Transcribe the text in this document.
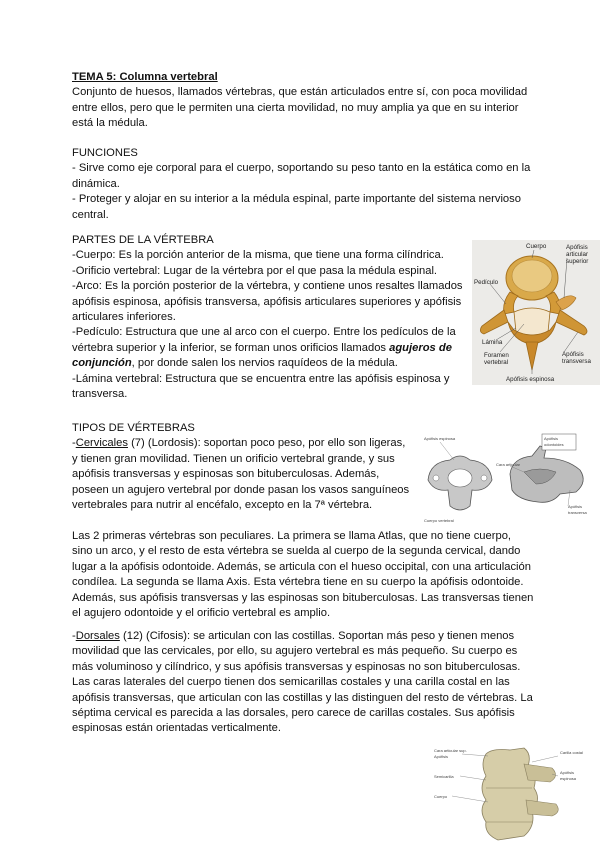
TEMA 5: Columna vertebral

Conjunto de huesos, llamados vértebras, que están articulados entre sí, con poca movilidad entre ellos, pero que le permiten una cierta movilidad, no muy amplia ya que en su interior está la médula.

FUNCIONES

- Sirve como eje corporal para el cuerpo, soportando su peso tanto en la estática como en la dinámica.

- Proteger y alojar en su interior a la médula espinal, parte importante del sistema nervioso central.

PARTES DE LA VÉRTEBRA

-Cuerpo: Es la porción anterior de la misma, que tiene una forma cilíndrica.

-Orificio vertebral: Lugar de la vértebra por el que pasa la médula espinal.

-Arco: Es la porción posterior de la vértebra, y contiene unos resaltes llamados apófisis espinosa, apófisis transversa, apófisis articulares superiores y apófisis articulares inferiores.

-Pedículo: Estructura que une al arco con el cuerpo. Entre los pedículos de la vértebra superior y la inferior, se forman unos orificios llamados agujeros de conjunción, por donde salen los nervios raquídeos de la médula.

-Lámina vertebral: Estructura que se encuentra entre las apófisis espinosa y transversa.

Cuerpo	Apófisis
articular
superior
Pedículo
Lámina
Foramen
vertebral
Apófisis
transversa
Apófisis espinosa

TIPOS DE VÉRTEBRAS

-Cervicales (7) (Lordosis): soportan poco peso, por ello son ligeras, y tienen gran movilidad. Tienen un orificio vertebral grande, y sus apófisis transversas y espinosas son bituberculosas. Además, poseen un agujero vertebral por donde pasan los vasos sanguíneos vertebrales para nutrir al encéfalo, excepto en la 7ª vértebra.

Las 2 primeras vértebras son peculiares. La primera se llama Atlas, que no tiene cuerpo, sino un arco, y el resto de esta vértebra se suelda al cuerpo de la segunda cervical, dando lugar a la apófisis odontoide. Además, se articula con el hueso occipital, con una articulación condílea. La segunda se llama Axis. Esta vértebra tiene en su cuerpo la apófisis odontoide. Además, sus apófisis transversas y las espinosas son bituberculosas. Las transversas tienen el agujero odontoide y el orificio vertebral es amplio.

Apófisis
odontoides
Apófisis espinosa
Cara articular
Cuerpo vertebral
Apófisis
transversa

-Dorsales (12) (Cifosis): se articulan con las costillas. Soportan más peso y tienen menos movilidad que las cervicales, por ello, su agujero vertebral es más pequeño. Su cuerpo es más voluminoso y cilíndrico, y sus apófisis transversas y espinosas no son bituberculosas. Las caras laterales del cuerpo tienen dos semicarillas costales y una carilla costal en las apófisis transversas, que articulan con las costillas y las distinguen del resto de vértebras. La séptima cervical es parecida a las dorsales, pero carece de carillas costales. Sus apófisis espinosas están orientadas verticalmente.

Cara articular sup.
Apófisis
Semicarilla
Cuerpo
Carilla costal
Apófisis
espinosa
